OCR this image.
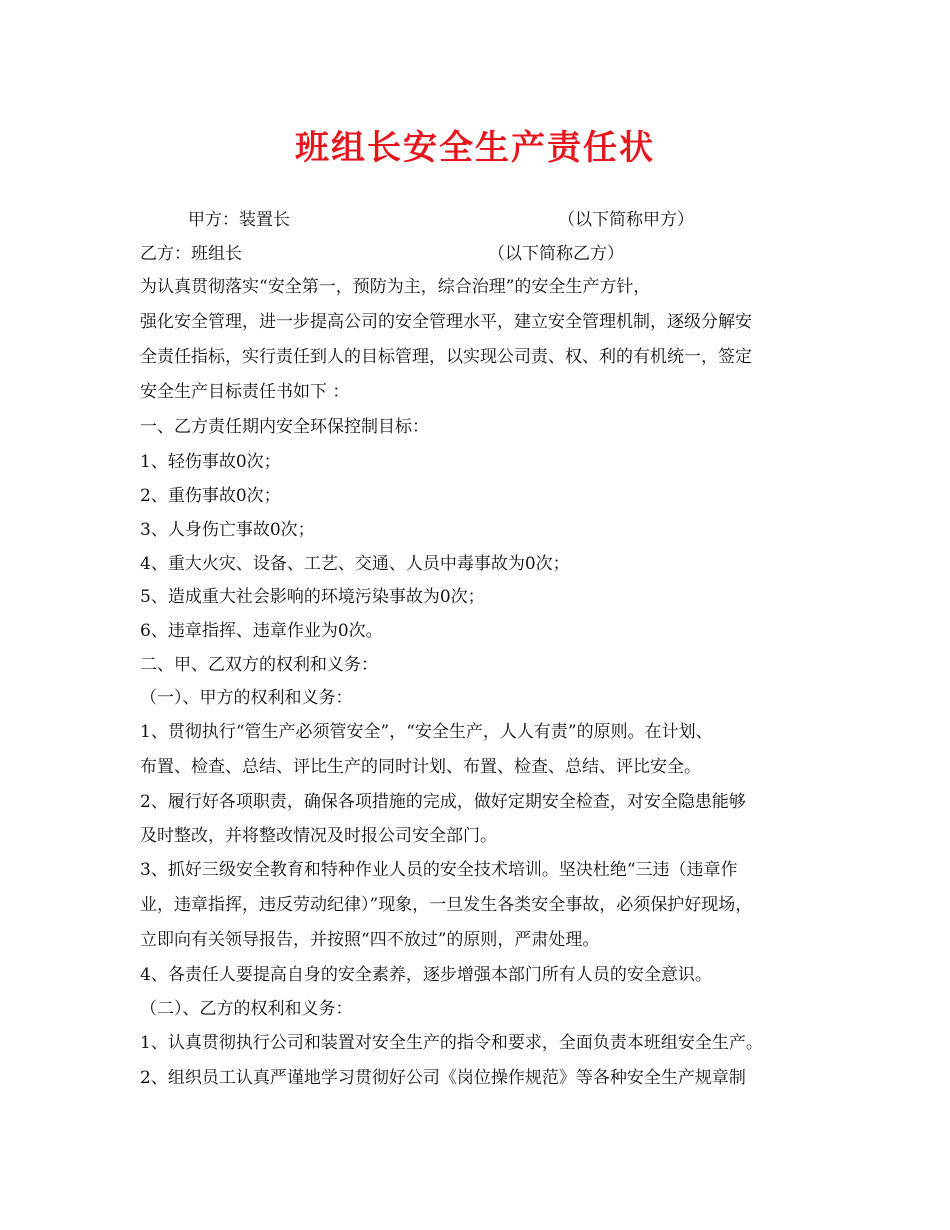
班组长安全生产责任状
甲方：装置长	（以下简称甲方）
乙方：班组长	（以下简称乙方）
为认真贯彻落实“安全第一，预防为主，综合治理”的安全生产方针，
强化安全管理，进一步提高公司的安全管理水平，建立安全管理机制，逐级分解安
全责任指标，实行责任到人的目标管理，以实现公司责、权、利的有机统一，签定
安全生产目标责任书如下 ：
一、乙方责任期内安全环保控制目标：
1、轻伤事故0次；
2、重伤事故0次；
3、人身伤亡事故0次；
4、重大火灾、设备、工艺、交通、人员中毒事故为0次；
5、造成重大社会影响的环境污染事故为0次；
6、违章指挥、违章作业为0次。
二、甲、乙双方的权利和义务：
（一）、甲方的权利和义务：
1、贯彻执行“管生产必须管安全”，“安全生产，人人有责”的原则。在计划、
布置、检查、总结、评比生产的同时计划、布置、检查、总结、评比安全。
2、履行好各项职责，确保各项措施的完成，做好定期安全检查，对安全隐患能够
及时整改，并将整改情况及时报公司安全部门。
3、抓好三级安全教育和特种作业人员的安全技术培训。坚决杜绝“三违（违章作
业，违章指挥，违反劳动纪律）”现象，一旦发生各类安全事故，必须保护好现场，
立即向有关领导报告，并按照“四不放过”的原则，严肃处理。
4、各责任人要提高自身的安全素养，逐步增强本部门所有人员的安全意识。
（二）、乙方的权利和义务：
1、认真贯彻执行公司和装置对安全生产的指令和要求，全面负责本班组安全生产。
2、组织员工认真严谨地学习贯彻好公司《岗位操作规范》等各种安全生产规章制
